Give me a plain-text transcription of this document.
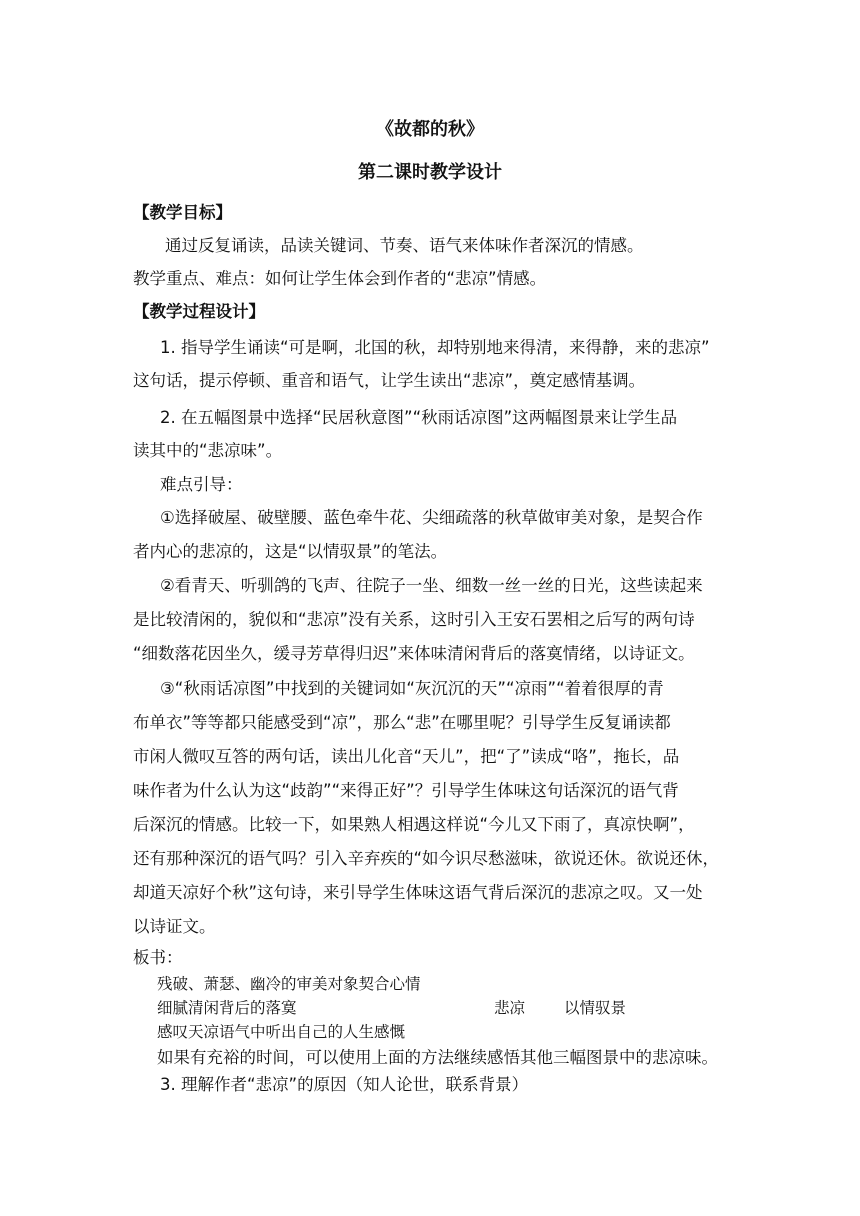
《故都的秋》
第二课时教学设计
【教学目标】
通过反复诵读，品读关键词、节奏、语气来体味作者深沉的情感。
教学重点、难点：如何让学生体会到作者的“悲凉”情感。
【教学过程设计】
1. 指导学生诵读“可是啊，北国的秋，却特别地来得清，来得静，来的悲凉”
这句话，提示停顿、重音和语气，让学生读出“悲凉”，奠定感情基调。
2. 在五幅图景中选择“民居秋意图”“秋雨话凉图”这两幅图景来让学生品
读其中的“悲凉味”。
难点引导：
①选择破屋、破壁腰、蓝色牵牛花、尖细疏落的秋草做审美对象，是契合作
者内心的悲凉的，这是“以情驭景”的笔法。
②看青天、听驯鸽的飞声、往院子一坐、细数一丝一丝的日光，这些读起来
是比较清闲的，貌似和“悲凉”没有关系，这时引入王安石罢相之后写的两句诗
“细数落花因坐久，缓寻芳草得归迟”来体味清闲背后的落寞情绪，以诗证文。
③“秋雨话凉图”中找到的关键词如“灰沉沉的天”“凉雨”“着着很厚的青
布单衣”等等都只能感受到“凉”，那么“悲”在哪里呢？引导学生反复诵读都
市闲人微叹互答的两句话，读出儿化音“天儿”，把“了”读成“咯”，拖长，品
味作者为什么认为这“歧韵”“来得正好”？引导学生体味这句话深沉的语气背
后深沉的情感。比较一下，如果熟人相遇这样说“今儿又下雨了，真凉快啊”，
还有那种深沉的语气吗？引入辛弃疾的“如今识尽愁滋味，欲说还休。欲说还休，
却道天凉好个秋”这句诗，来引导学生体味这语气背后深沉的悲凉之叹。又一处
以诗证文。
板书：
残破、萧瑟、幽冷的审美对象契合心情
细腻清闲背后的落寞	悲凉	以情驭景
感叹天凉语气中听出自己的人生感慨
如果有充裕的时间，可以使用上面的方法继续感悟其他三幅图景中的悲凉味。
3. 理解作者“悲凉”的原因（知人论世，联系背景）
